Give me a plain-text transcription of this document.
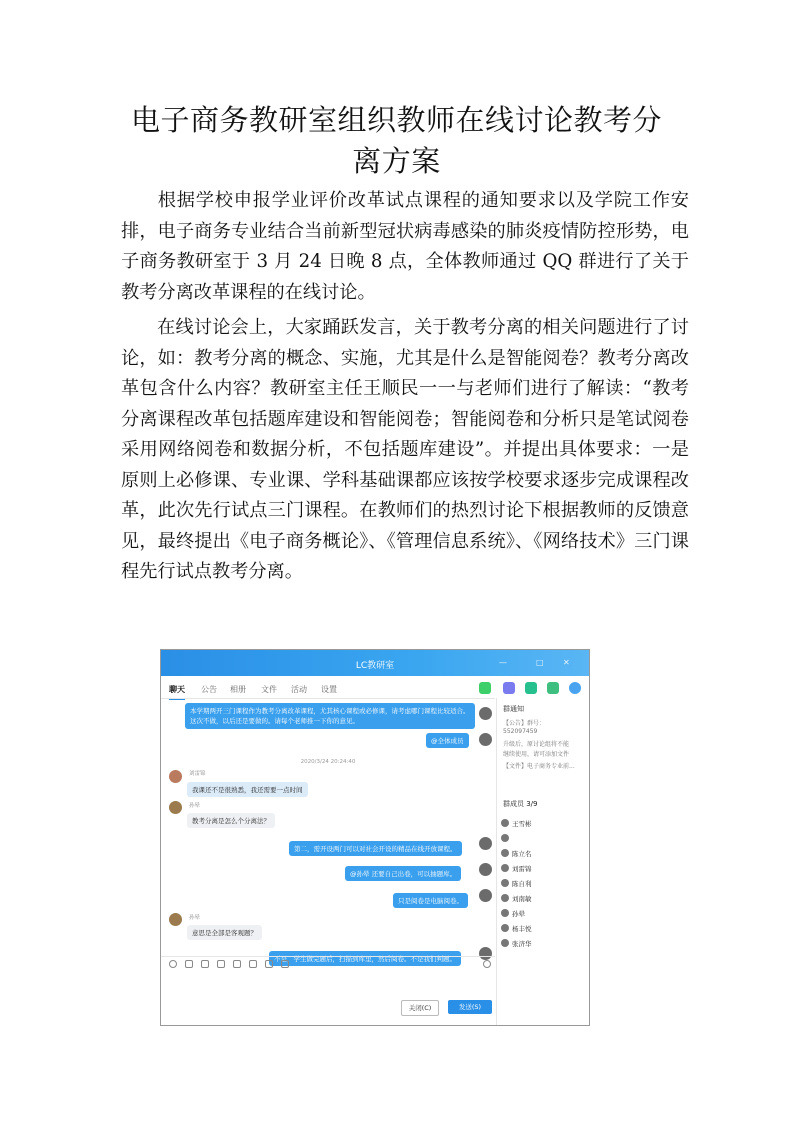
电子商务教研室组织教师在线讨论教考分
离方案

根据学校申报学业评价改革试点课程的通知要求以及学院工作安排，电子商务专业结合当前新型冠状病毒感染的肺炎疫情防控形势，电子商务教研室于 3 月 24 日晚 8 点，全体教师通过 QQ 群进行了关于教考分离改革课程的在线讨论。

在线讨论会上，大家踊跃发言，关于教考分离的相关问题进行了讨论，如：教考分离的概念、实施，尤其是什么是智能阅卷？教考分离改革包含什么内容？教研室主任王顺民一一与老师们进行了解读：“教考分离课程改革包括题库建设和智能阅卷；智能阅卷和分析只是笔试阅卷采用网络阅卷和数据分析，不包括题库建设”。并提出具体要求：一是原则上必修课、专业课、学科基础课都应该按学校要求逐步完成课程改革，此次先行试点三门课程。在教师们的热烈讨论下根据教师的反馈意见，最终提出《电子商务概论》、《管理信息系统》、《网络技术》三门课程先行试点教考分离。

LC教研室	—	□ ✕
聊天 公告 相册 文件 活动 设置
本学期两开三门课程作为教考分离改革课程，尤其核心课程或必修课，请考虑哪门课程比较适合。
这次不做，以后还是要做的。请每个老师推一下你的意见。
@全体成员
2020/3/24 20:24:40
刘雷锦
我课还不是很熟悉，我还需要一点时间
孙晕
教考分离是怎么个分离法？
第二，需开设两门可以对社会开设的精品在线开放课程。
@孙晕 还要自己出卷，可以抽题库。
只是阅卷是电脑阅卷。
孙晕
意思是全部是客观题？
不是，学生做完题后，扫描到库里，然后阅卷。不是我们判题。
群通知
【公告】群号：
552097459
升级后，原讨论组将不能
继续使用，请可添加文件
【文件】电子商务专业前...
群成员 3/9
王雪彬
陈立名
刘雷锦
陈自利
刘南敏
孙晕
杨丰悦
张济华
关闭(C)	发送(S)
